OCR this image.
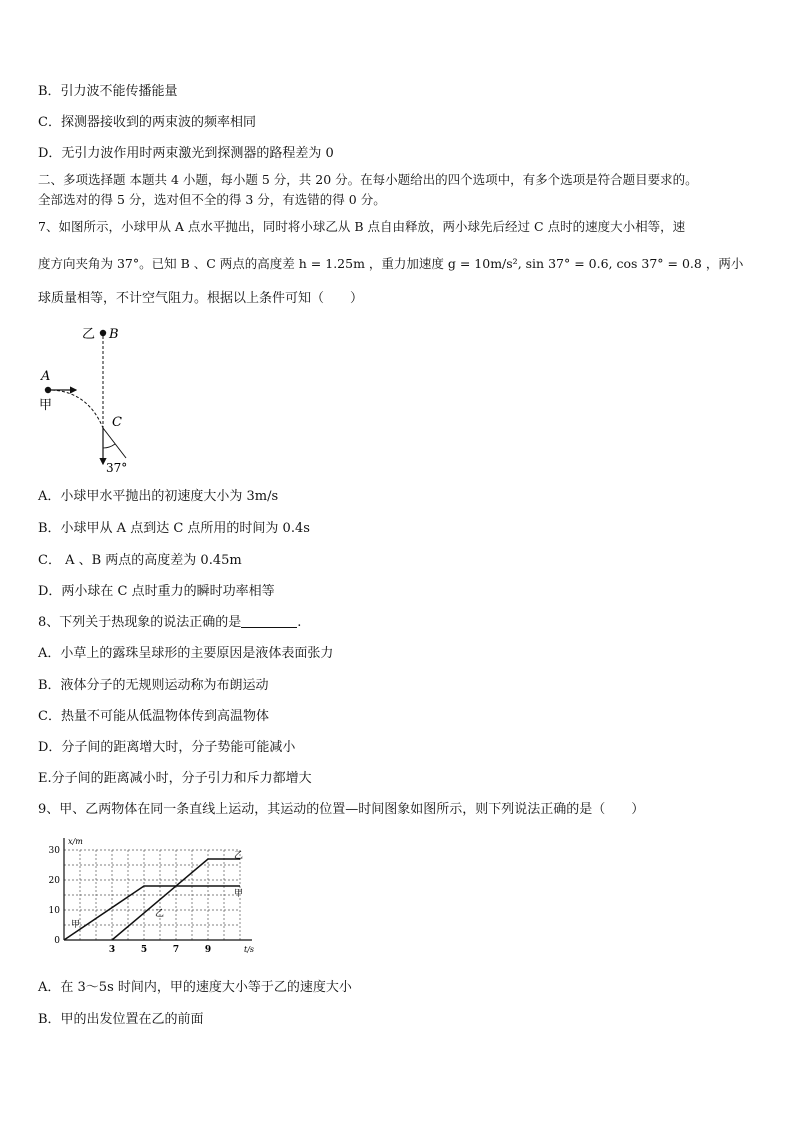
B．引力波不能传播能量
C．探测器接收到的两束波的频率相同
D．无引力波作用时两束激光到探测器的路程差为 0
二、多项选择题 本题共 4 小题，每小题 5 分，共 20 分。在每小题给出的四个选项中，有多个选项是符合题目要求的。
全部选对的得 5 分，选对但不全的得 3 分，有选错的得 0 分。
7、如图所示，小球甲从 A 点水平抛出，同时将小球乙从 B 点自由释放，两小球先后经过 C 点时的速度大小相等，速
度方向夹角为 37°。已知 B 、C 两点的高度差 h = 1.25m ，重力加速度 g = 10m/s², sin 37° = 0.6, cos 37° = 0.8 ，两小
球质量相等，不计空气阻力。根据以上条件可知（　　）
乙 B
A
甲
C
37°
A．小球甲水平抛出的初速度大小为 3m/s
B．小球甲从 A 点到达 C 点所用的时间为 0.4s
C． A 、B 两点的高度差为 0.45m
D．两小球在 C 点时重力的瞬时功率相等
8、下列关于热现象的说法正确的是	.
A．小草上的露珠呈球形的主要原因是液体表面张力
B．液体分子的无规则运动称为布朗运动
C．热量不可能从低温物体传到高温物体
D．分子间的距离增大时，分子势能可能减小
E.分子间的距离减小时，分子引力和斥力都增大
9、甲、乙两物体在同一条直线上运动，其运动的位置—时间图象如图所示，则下列说法正确的是（　　）
x/m
t/s
0
10
20
30
3	5	7	9
甲
甲
乙
乙
A．在 3～5s 时间内，甲的速度大小等于乙的速度大小
B．甲的出发位置在乙的前面
